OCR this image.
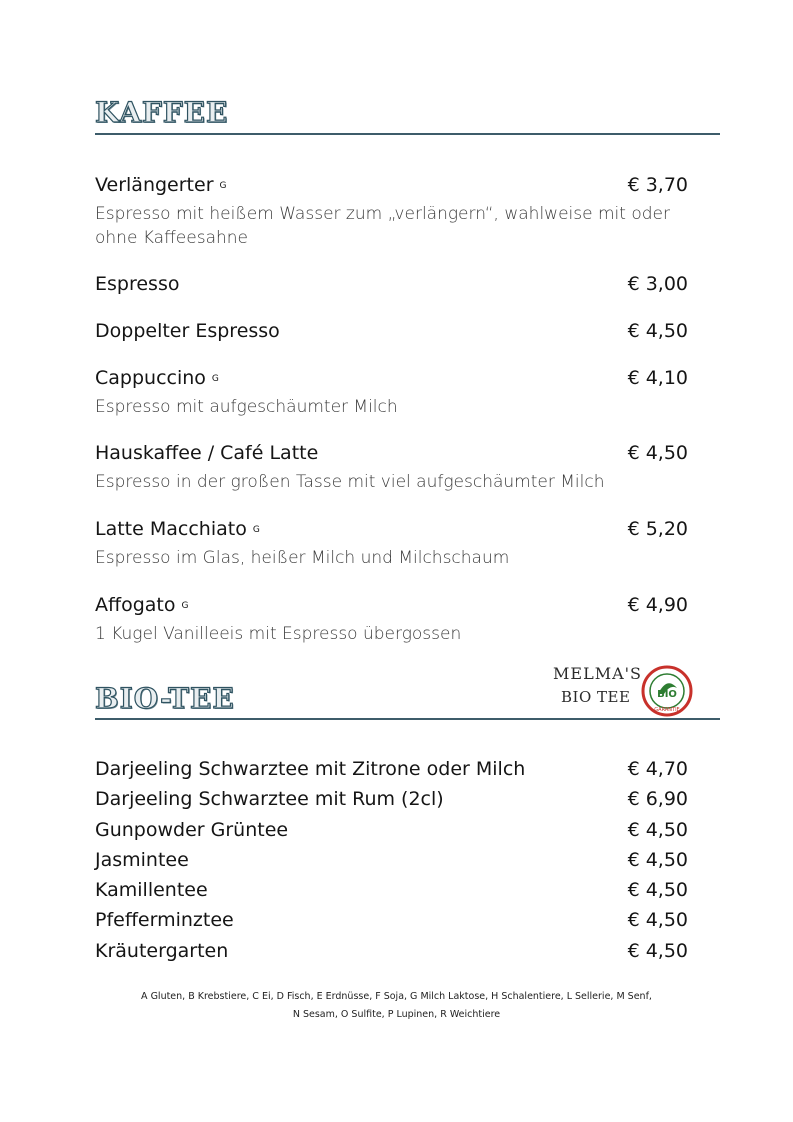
KAFFEE
Verlängerter G	€ 3,70
Espresso mit heißem Wasser zum „verlängern“, wahlweise mit oder ohne Kaffeesahne
Espresso	€ 3,00
Doppelter Espresso	€ 4,50
Cappuccino G	€ 4,10
Espresso mit aufgeschäumter Milch
Hauskaffee / Café Latte	€ 4,50
Espresso in der großen Tasse mit viel aufgeschäumter Milch
Latte Macchiato G	€ 5,20
Espresso im Glas, heißer Milch und Milchschaum
Affogato G	€ 4,90
1 Kugel Vanilleeis mit Espresso übergossen
BIO-TEE
MELMA'S
BIO TEE	BIO
GARANTIE
Darjeeling Schwarztee mit Zitrone oder Milch	€ 4,70
Darjeeling Schwarztee mit Rum (2cl)	€ 6,90
Gunpowder Grüntee	€ 4,50
Jasmintee	€ 4,50
Kamillentee	€ 4,50
Pfefferminztee	€ 4,50
Kräutergarten	€ 4,50
A Gluten, B Krebstiere, C Ei, D Fisch, E Erdnüsse, F Soja, G Milch Laktose, H Schalentiere, L Sellerie, M Senf,
N Sesam, O Sulfite, P Lupinen, R Weichtiere
